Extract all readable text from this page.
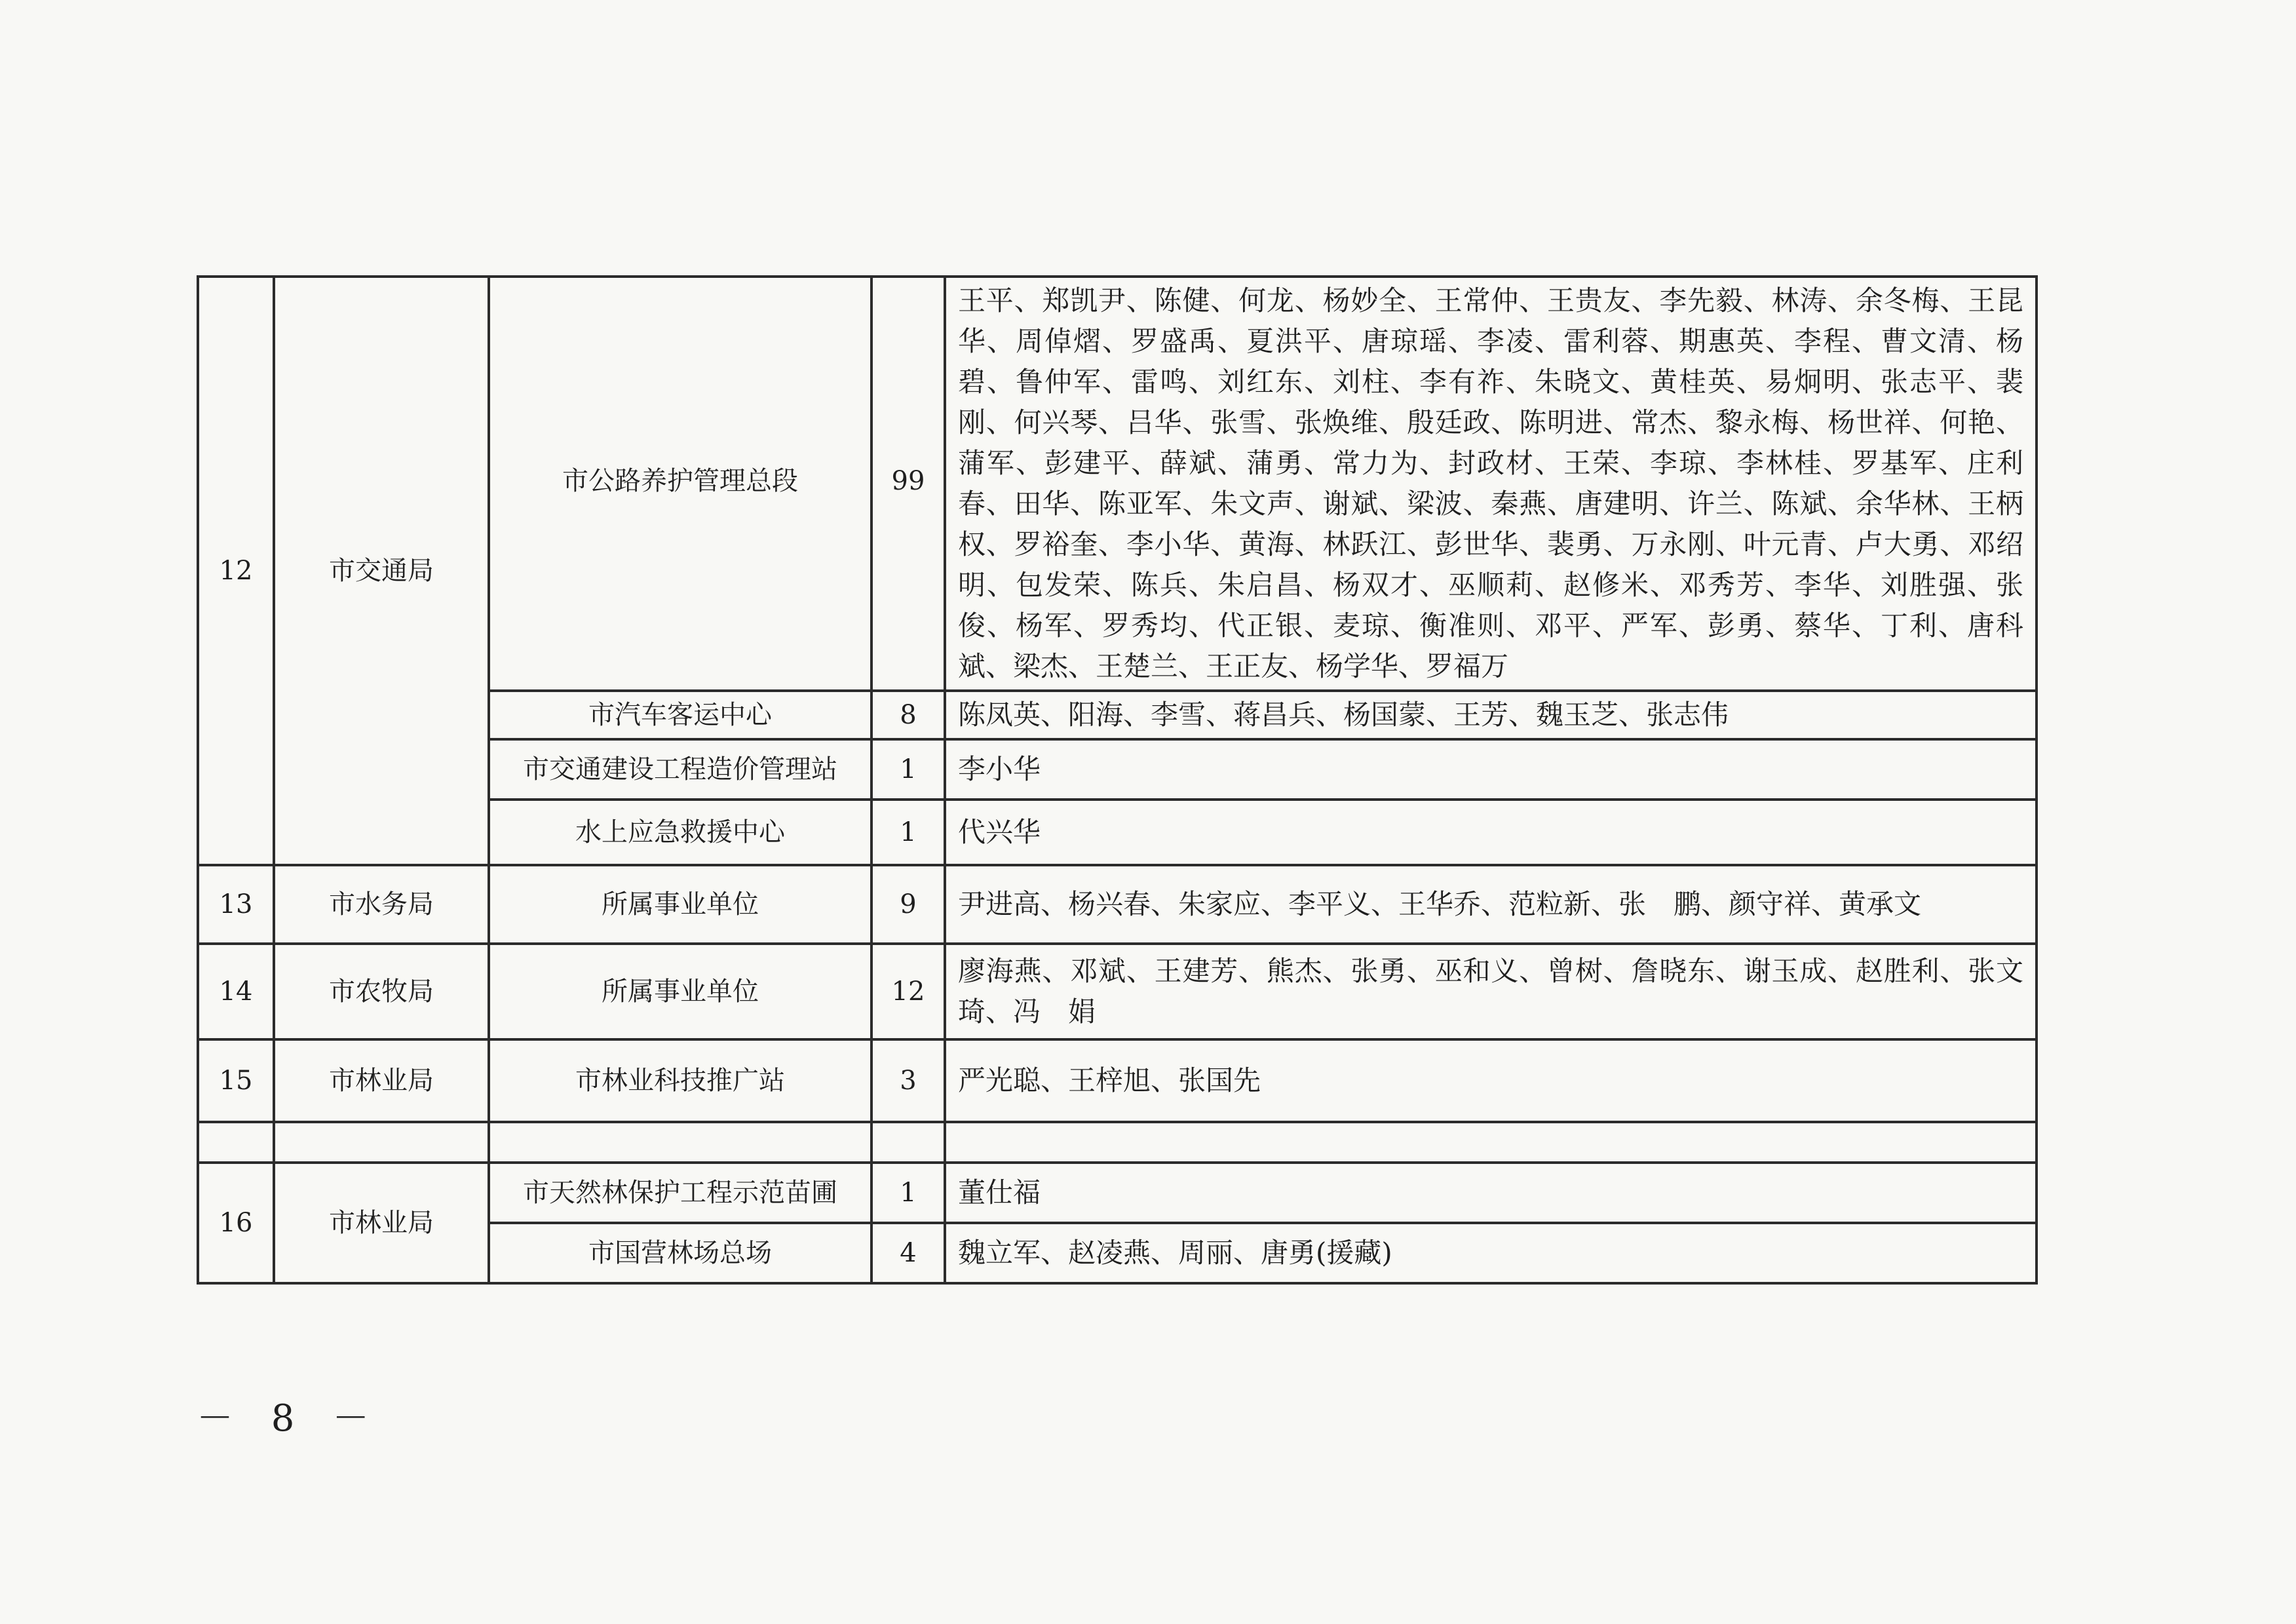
12	市交通局	市公路养护管理总段	99	王平、郑凯尹、陈健、何龙、杨妙全、王常仲、王贵友、李先毅、林涛、余冬梅、王昆华、周倬熠、罗盛禹、夏洪平、唐琼瑶、李凌、雷利蓉、期惠英、李程、曹文清、杨碧、鲁仲军、雷鸣、刘红东、刘柱、李有祚、朱晓文、黄桂英、易炯明、张志平、裴刚、何兴琴、吕华、张雪、张焕维、殷廷政、陈明进、常杰、黎永梅、杨世祥、何艳、蒲军、彭建平、薛斌、蒲勇、常力为、封政材、王荣、李琼、李林桂、罗基军、庄利春、田华、陈亚军、朱文声、谢斌、梁波、秦燕、唐建明、许兰、陈斌、余华林、王柄权、罗裕奎、李小华、黄海、林跃江、彭世华、裴勇、万永刚、叶元青、卢大勇、邓绍明、包发荣、陈兵、朱启昌、杨双才、巫顺莉、赵修米、邓秀芳、李华、刘胜强、张俊、杨军、罗秀均、代正银、麦琼、衡准则、邓平、严军、彭勇、蔡华、丁利、唐科斌、梁杰、王楚兰、王正友、杨学华、罗福万
		市汽车客运中心	8	陈凤英、阳海、李雪、蒋昌兵、杨国蒙、王芳、魏玉芝、张志伟
		市交通建设工程造价管理站	1	李小华
		水上应急救援中心	1	代兴华
13	市水务局	所属事业单位	9	尹进高、杨兴春、朱家应、李平义、王华乔、范粒新、张　鹏、颜守祥、黄承文
14	市农牧局	所属事业单位	12	廖海燕、邓斌、王建芳、熊杰、张勇、巫和义、曾树、詹晓东、谢玉成、赵胜利、张文琦、冯　娟
15	市林业局	市林业科技推广站	3	严光聪、王梓旭、张国先

16	市林业局	市天然林保护工程示范苗圃	1	董仕福
		市国营林场总场	4	魏立军、赵凌燕、周丽、唐勇(援藏)
－ 8 －
